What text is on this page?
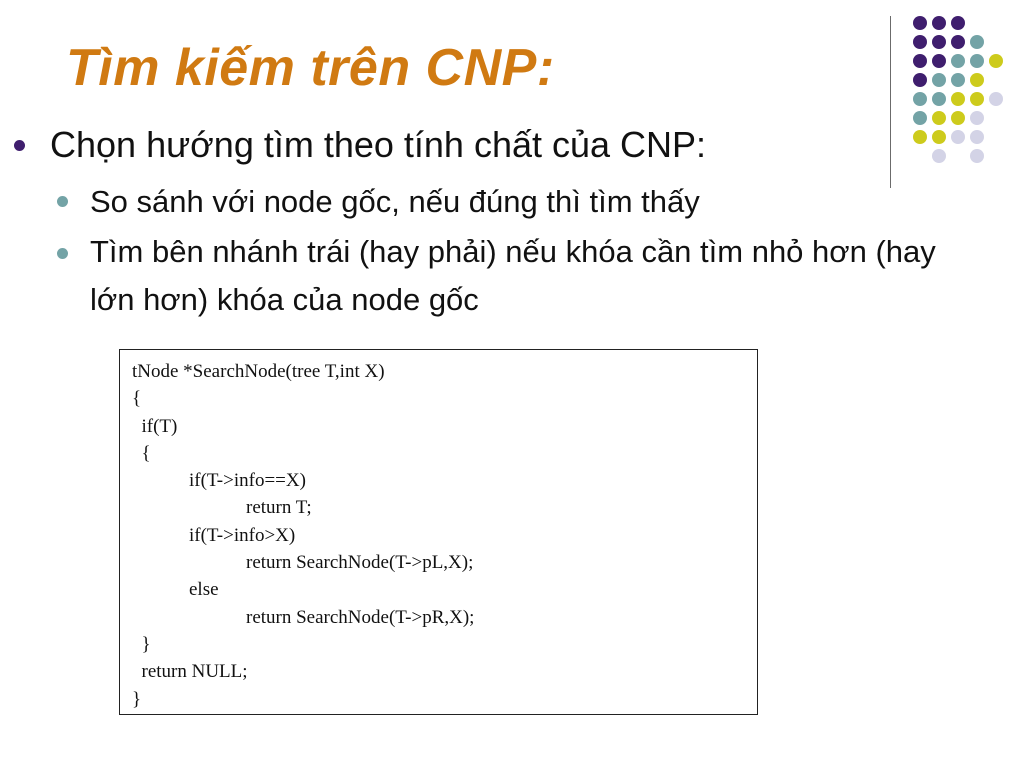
Tìm kiếm trên CNP:
Chọn hướng tìm theo tính chất của CNP:
So sánh với node gốc, nếu đúng thì tìm thấy
Tìm bên nhánh trái (hay phải) nếu khóa cần tìm nhỏ hơn (hay lớn hơn) khóa của node gốc
tNode *SearchNode(tree T,int X)
{
if(T)
{
		if(T->info==X)
				return T;
		if(T->info>X)
				return SearchNode(T->pL,X);
		else
				return SearchNode(T->pR,X);
}
return NULL;
}
